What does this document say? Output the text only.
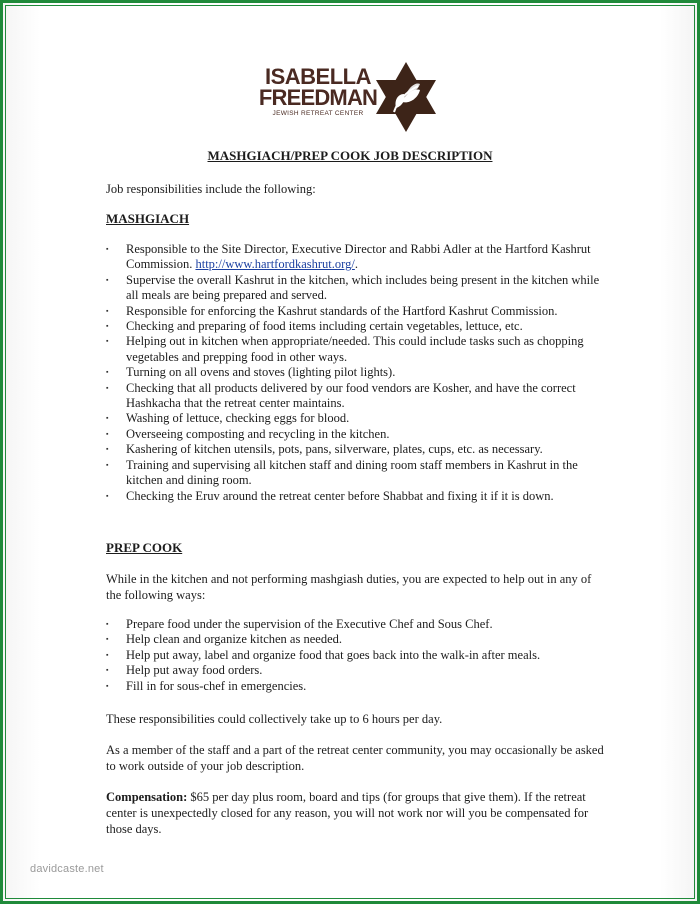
ISABELLA
FREEDMAN
JEWISH RETREAT CENTER
MASHGIACH/PREP COOK JOB DESCRIPTION
Job responsibilities include the following:
MASHGIACH
▪ Responsible to the Site Director, Executive Director and Rabbi Adler at the Hartford Kashrut Commission. http://www.hartfordkashrut.org/.
▪ Supervise the overall Kashrut in the kitchen, which includes being present in the kitchen while all meals are being prepared and served.
▪ Responsible for enforcing the Kashrut standards of the Hartford Kashrut Commission.
▪ Checking and preparing of food items including certain vegetables, lettuce, etc.
▪ Helping out in kitchen when appropriate/needed. This could include tasks such as chopping vegetables and prepping food in other ways.
▪ Turning on all ovens and stoves (lighting pilot lights).
▪ Checking that all products delivered by our food vendors are Kosher, and have the correct Hashkacha that the retreat center maintains.
▪ Washing of lettuce, checking eggs for blood.
▪ Overseeing composting and recycling in the kitchen.
▪ Kashering of kitchen utensils, pots, pans, silverware, plates, cups, etc. as necessary.
▪ Training and supervising all kitchen staff and dining room staff members in Kashrut in the kitchen and dining room.
▪ Checking the Eruv around the retreat center before Shabbat and fixing it if it is down.
PREP COOK
While in the kitchen and not performing mashgiash duties, you are expected to help out in any of the following ways:
▪ Prepare food under the supervision of the Executive Chef and Sous Chef.
▪ Help clean and organize kitchen as needed.
▪ Help put away, label and organize food that goes back into the walk-in after meals.
▪ Help put away food orders.
▪ Fill in for sous-chef in emergencies.
These responsibilities could collectively take up to 6 hours per day.
As a member of the staff and a part of the retreat center community, you may occasionally be asked to work outside of your job description.
Compensation: $65 per day plus room, board and tips (for groups that give them). If the retreat center is unexpectedly closed for any reason, you will not work nor will you be compensated for those days.
davidcaste.net
